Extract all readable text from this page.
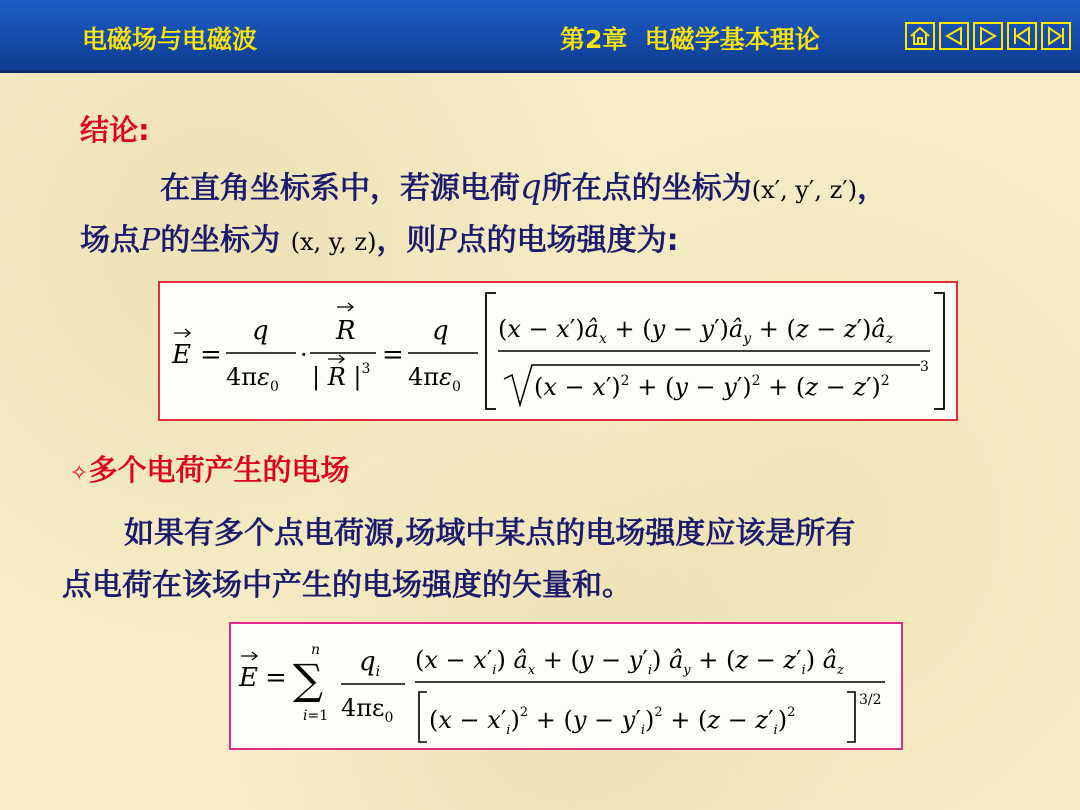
电磁场与电磁波	第2章  电磁学基本理论
结论:
在直角坐标系中，若源电荷q所在点的坐标为(x′, y′, z′)，
场点P的坐标为 (x, y, z)，则P点的电场强度为:
E =
q
$4\pi\varepsilon_0$
·
R
| R $|^3$ =
q
$4\pi\varepsilon_0$
$(x - x')â_x + (y$ − $y')â_y + (z$ − $z')â_z$
$(x - x')^2 + (y - y')^2 + (z - z')^2$
3
✧多个电荷产生的电场
如果有多个点电荷源,场域中某点的电场强度应该是所有
点电荷在该场中产生的电场强度的矢量和。
E =
n
∑
i=1
$q_i$
$4\pi\varepsilon_0$
$(x - x'_i)$ $â_x + (y - y'_i)$ $â_y + (z - z'_i)$ $â_z$
$(x - x'_i)^2 + (y - y'_i)^2 + (z - z'_i)^2$
3/2
